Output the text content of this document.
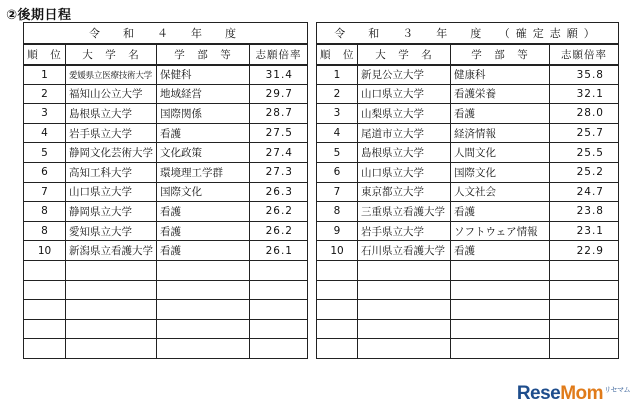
②後期日程
令　和　４　年　度			
順　位	大　学　名	学　部　等	志願倍率
1	愛媛県立医療技術大学	保健科	31.4
2	福知山公立大学	地域経営	29.7
3	島根県立大学	国際関係	28.7
4	岩手県立大学	看護	27.5
5	静岡文化芸術大学	文化政策	27.4
6	高知工科大学	環境理工学群	27.3
7	山口県立大学	国際文化	26.3
8	静岡県立大学	看護	26.2
8	愛知県立大学	看護	26.2
10	新潟県立看護大学	看護	26.1

令　和　３　年　度　（確定志願）			
順　位	大　学　名	学　部　等	志願倍率
1	新見公立大学	健康科	35.8
2	山口県立大学	看護栄養	32.1
3	山梨県立大学	看護	28.0
4	尾道市立大学	経済情報	25.7
5	島根県立大学	人間文化	25.5
6	山口県立大学	国際文化	25.2
7	東京都立大学	人文社会	24.7
8	三重県立看護大学	看護	23.8
9	岩手県立大学	ソフトウェア情報	23.1
10	石川県立看護大学	看護	22.9

ReseMom$^{リセマム}$
